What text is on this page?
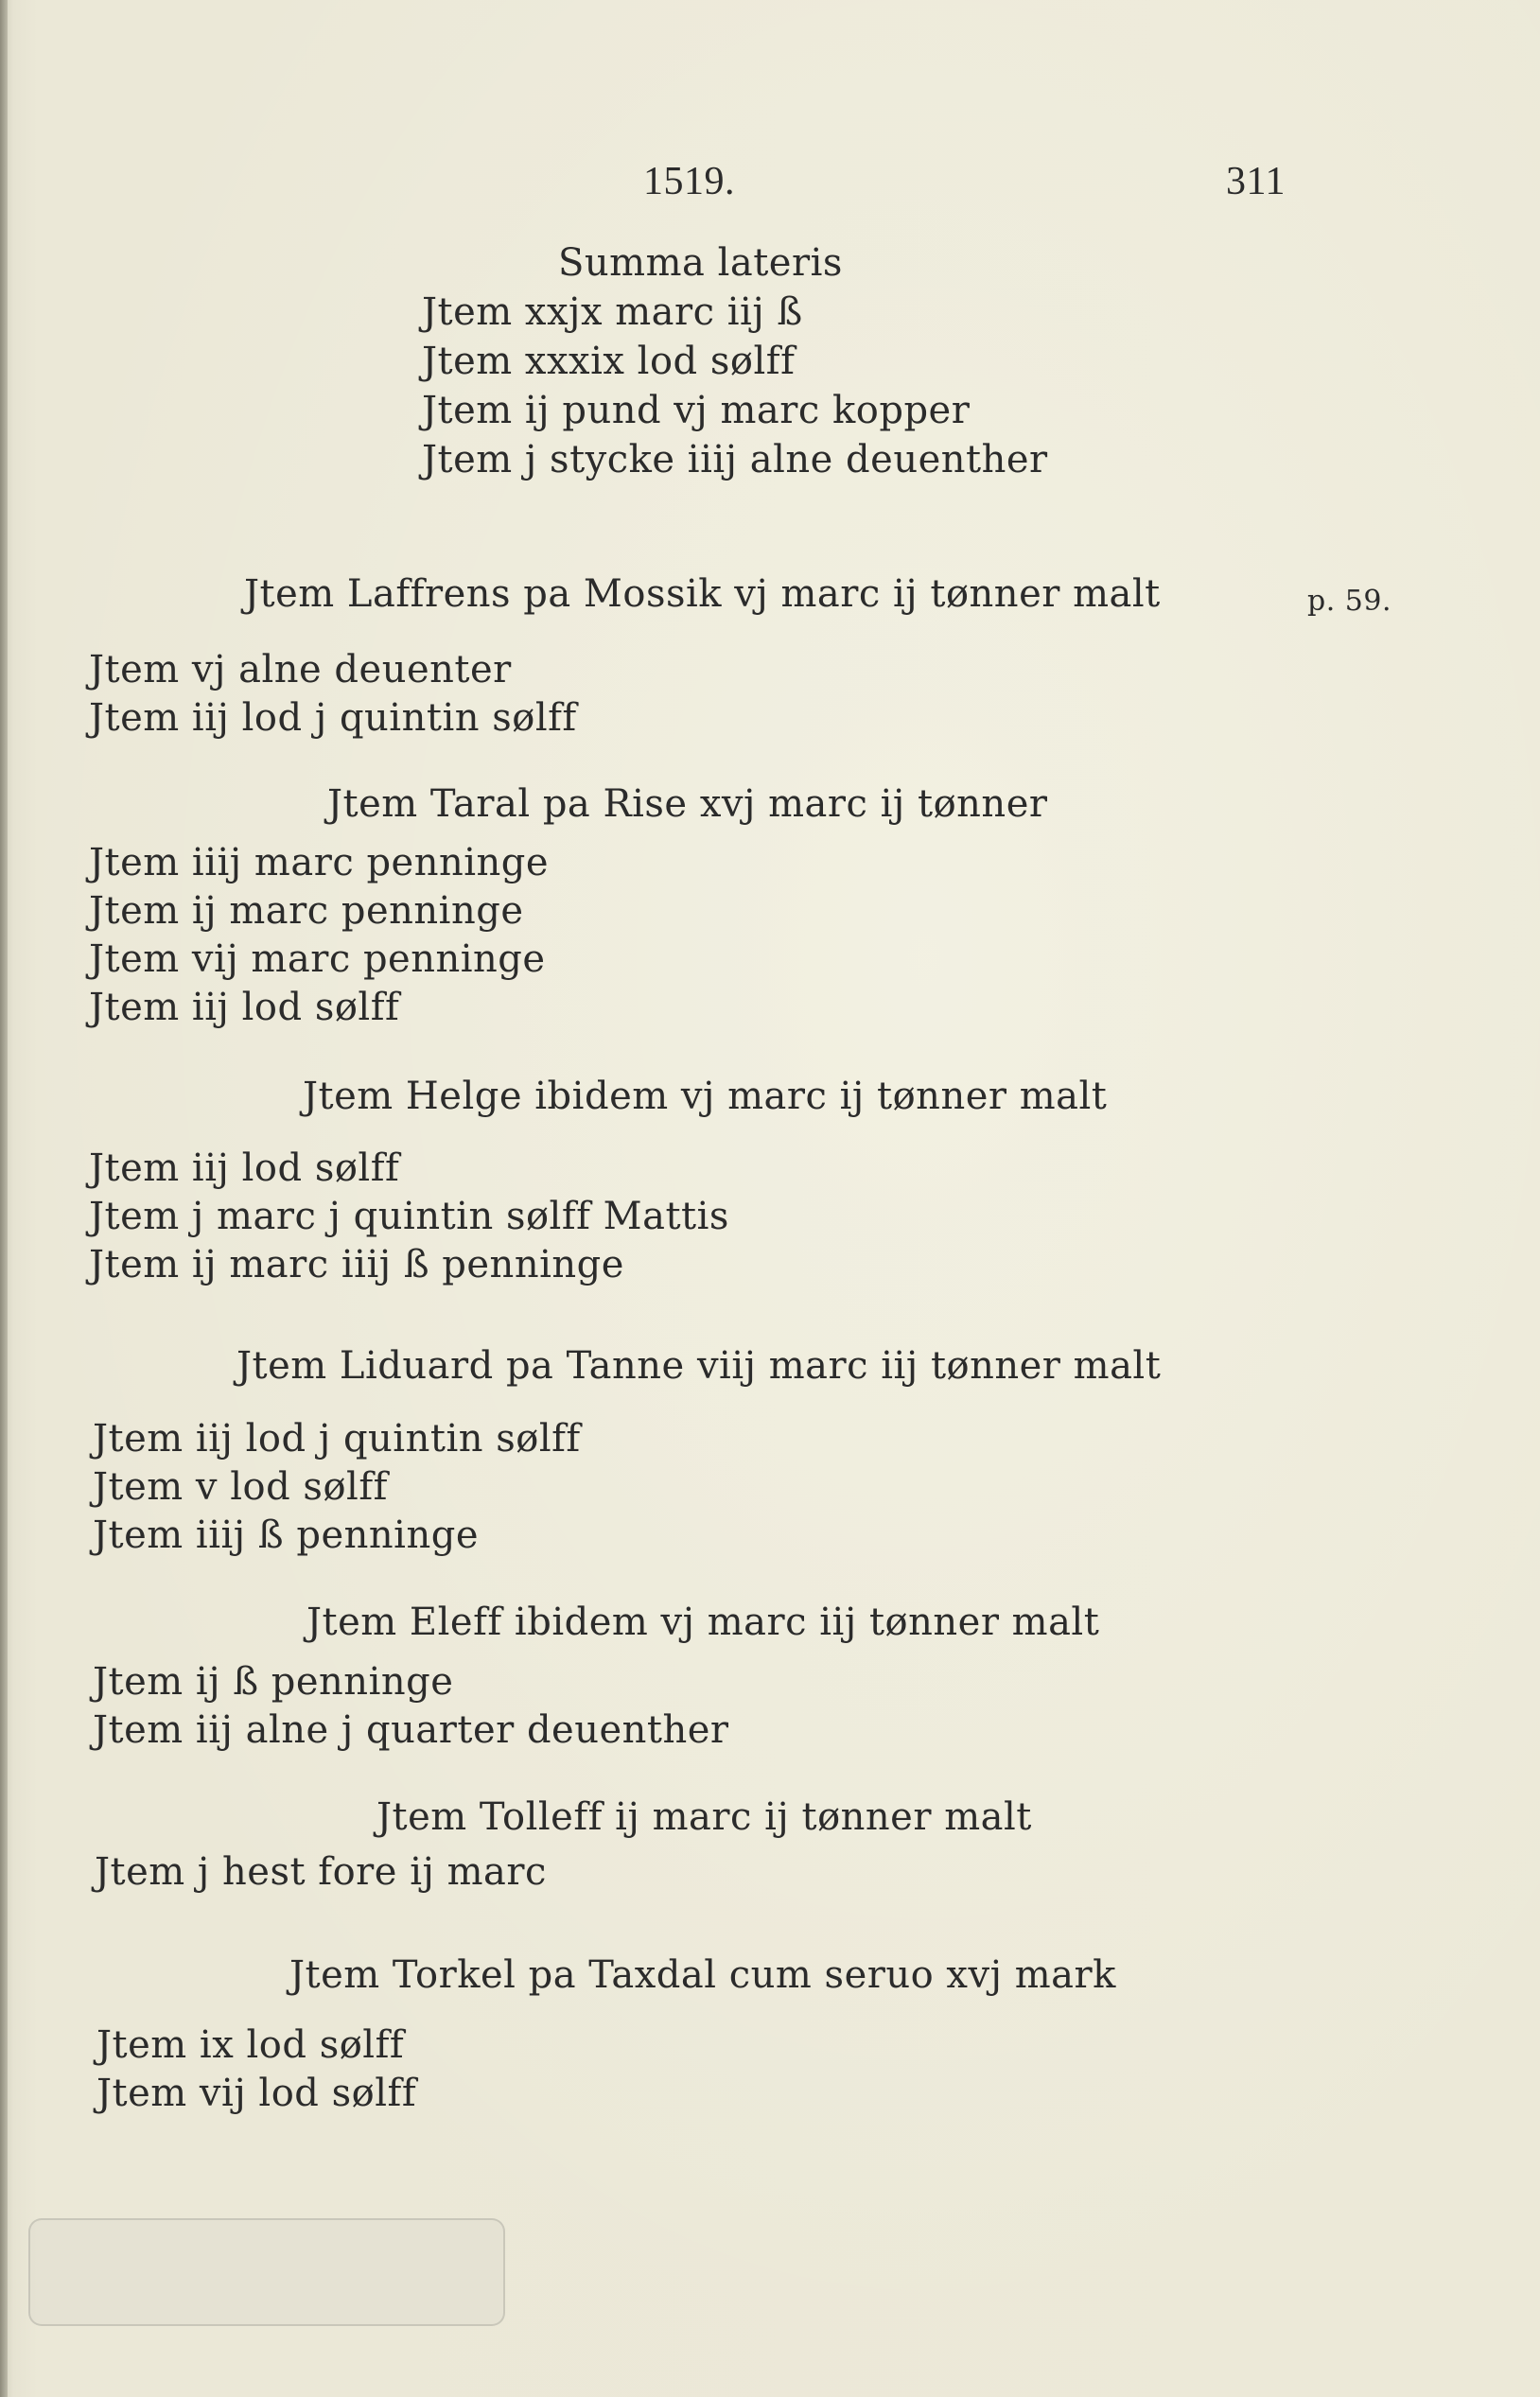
1519.	311
Summa lateris
Jtem xxjx marc iij ß
Jtem xxxix lod sølff
Jtem ij pund vj marc kopper
Jtem j stycke iiij alne deuenther
Jtem Laffrens pa Mossik vj marc ij tønner malt	p. 59.
Jtem vj alne deuenter
Jtem iij lod j quintin sølff
Jtem Taral pa Rise xvj marc ij tønner
Jtem iiij marc penninge
Jtem ij marc penninge
Jtem vij marc penninge
Jtem iij lod sølff
Jtem Helge ibidem vj marc ij tønner malt
Jtem iij lod sølff
Jtem j marc j quintin sølff Mattis
Jtem ij marc iiij ß penninge
Jtem Liduard pa Tanne viij marc iij tønner malt
Jtem iij lod j quintin sølff
Jtem v lod sølff
Jtem iiij ß penninge
Jtem Eleff ibidem vj marc iij tønner malt
Jtem ij ß penninge
Jtem iij alne j quarter deuenther
Jtem Tolleff ij marc ij tønner malt
Jtem j hest fore ij marc
Jtem Torkel pa Taxdal cum seruo xvj mark
Jtem ix lod sølff
Jtem vij lod sølff
